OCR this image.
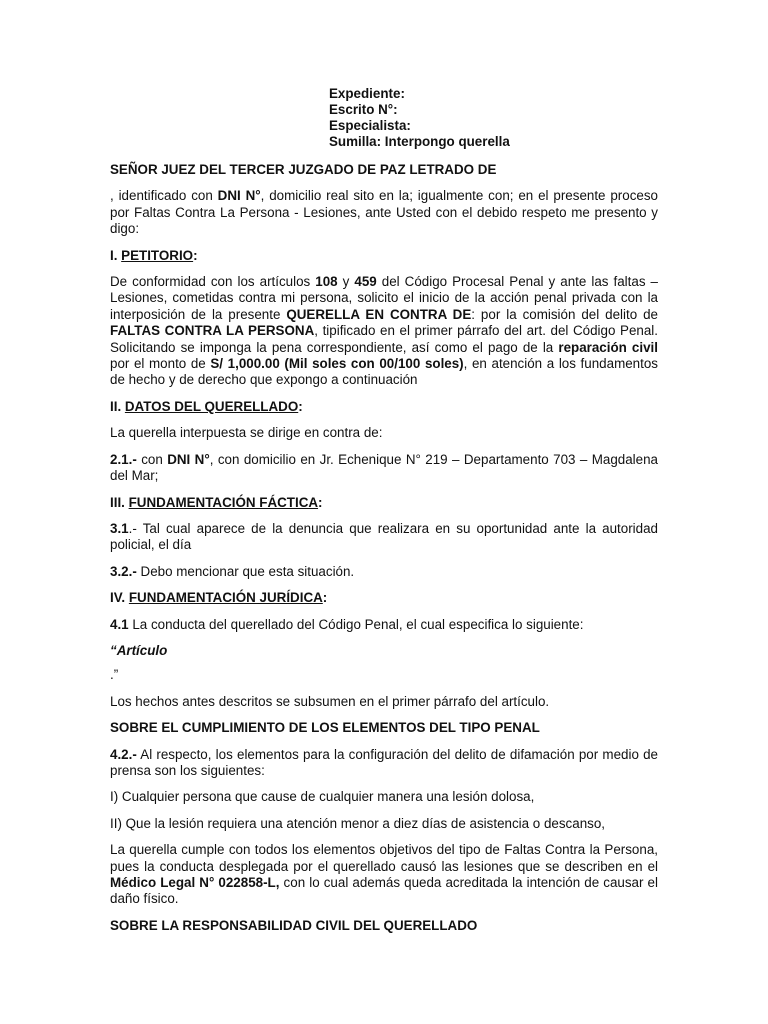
Expediente:
Escrito N°:
Especialista:
Sumilla: Interpongo querella

SEÑOR JUEZ DEL TERCER JUZGADO DE PAZ LETRADO DE

, identificado con DNI N°, domicilio real sito en la; igualmente con; en el presente proceso por Faltas Contra La Persona - Lesiones, ante Usted con el debido respeto me presento y digo:

I. PETITORIO:

De conformidad con los artículos 108 y 459 del Código Procesal Penal y ante las faltas – Lesiones, cometidas contra mi persona, solicito el inicio de la acción penal privada con la interposición de la presente QUERELLA EN CONTRA DE: por la comisión del delito de FALTAS CONTRA LA PERSONA, tipificado en el primer párrafo del art. del Código Penal. Solicitando se imponga la pena correspondiente, así como el pago de la reparación civil por el monto de S/ 1,000.00 (Mil soles con 00/100 soles), en atención a los fundamentos de hecho y de derecho que expongo a continuación

II. DATOS DEL QUERELLADO:

La querella interpuesta se dirige en contra de:

2.1.- con DNI N°, con domicilio en Jr. Echenique N° 219 – Departamento 703 – Magdalena del Mar;

III. FUNDAMENTACIÓN FÁCTICA:

3.1.- Tal cual aparece de la denuncia que realizara en su oportunidad ante la autoridad policial, el día

3.2.- Debo mencionar que esta situación.

IV. FUNDAMENTACIÓN JURÍDICA:

4.1 La conducta del querellado del Código Penal, el cual especifica lo siguiente:

“Artículo

.”

Los hechos antes descritos se subsumen en el primer párrafo del artículo.

SOBRE EL CUMPLIMIENTO DE LOS ELEMENTOS DEL TIPO PENAL

4.2.- Al respecto, los elementos para la configuración del delito de difamación por medio de prensa son los siguientes:

I) Cualquier persona que cause de cualquier manera una lesión dolosa,

II) Que la lesión requiera una atención menor a diez días de asistencia o descanso,

La querella cumple con todos los elementos objetivos del tipo de Faltas Contra la Persona, pues la conducta desplegada por el querellado causó las lesiones que se describen en el Médico Legal N° 022858-L, con lo cual además queda acreditada la intención de causar el daño físico.

SOBRE LA RESPONSABILIDAD CIVIL DEL QUERELLADO
